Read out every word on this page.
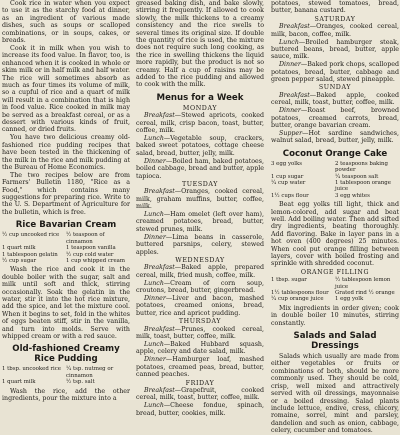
Cook rice in water when you expect to use it as the starchy food at dinner, as an ingredient of various made dishes, such as soups or scalloped combinations, or in soups, cakes, or breads.

Cook it in milk when you wish to increase its food value. In flavor, too, is enhanced when it is cooked in whole or skim milk or in half milk and half water. The rice will sometimes absorb as much as four times its volume of milk, so a cupful of rice and a quart of milk will result in a combination that is high in food value. Rice cooked in milk may be served as a breakfast cereal, or as a dessert with various kinds of fruit, canned, or dried fruits.

You have two delicious creamy old-fashioned rice pudding recipes that have been tested in the thickening of the milk in the rice and milk pudding at the Bureau of Home Economics.

The two recipes below are from Farmers' Bulletin 1180, "Rice as a Food," which contains many suggestions for preparing rice. Write to the U. S. Department of Agriculture for the bulletin, which is free.

Rice Bavarian Cream
½ cup uncooked rice	½ teaspoon of cinnamon
1 quart milk	1 teaspoon vanilla
1 tablespoon gelatin	½ cup cold water
½ cup sugar	1 cup whipped cream

Wash the rice and cook it in the double boiler with the sugar, salt and milk until soft and thick, stirring occasionally. Soak the gelatin in the water, stir it into the hot rice mixture, add the spice, and let the mixture cool. When it begins to set, fold in the whites of eggs beaten stiff, stir in the vanilla, and turn into molds. Serve with whipped cream or with a red sauce.

Old-fashioned Creamy Rice Pudding
1 tbsp. uncooked rice ¼ tsp. nutmeg or cinnamon
1 quart milk	½ tsp. salt

Wash the rice, add the other ingredients, pour the mixture into a

greased baking dish, and bake slowly, stirring it frequently. If allowed to cook slowly, the milk thickens to a creamy consistency and the rice swells to several times its original size. If double the quantity of rice is used, the mixture does not require such long cooking, as the rice in swelling thickens the liquid more rapidly, but the product is not so creamy. Half a cup of raisins may be added to the rice pudding and allowed to cook with the milk.

Menus for a Week
MONDAY

Breakfast—Stewed apricots, cooked cereal, milk, crisp bacon, toast, butter, coffee, milk.

Lunch—Vegetable soup, crackers, baked sweet potatoes, cottage cheese salad, bread, butter, jelly, milk.

Dinner—Boiled ham, baked potatoes, boiled cabbage, bread and butter, apple tapioca.

TUESDAY

Breakfast—Oranges, cooked cereal, milk, graham muffins, butter, coffee, milk.

Lunch—Ham omelet (left over ham), creamed potatoes, bread, butter, stewed prunes, milk.

Dinner—Lima beans in casserole, buttered parsnips, celery, stewed apples.

WEDNESDAY

Breakfast—Baked apple, prepared cereal, milk, fried mush, coffee, milk.

Lunch—Cream of corn soup, croutons, bread, butter, gingerbread.

Dinner—Liver and bacon, mashed potatoes, creamed onions, bread, butter, rice and apricot pudding.

THURSDAY

Breakfast—Prunes, cooked cereal, milk, toast, butter, coffee, milk.

Lunch—Baked Hubbard squash, apple, celery and date salad, milk.

Dinner—Hamburger loaf, mashed potatoes, creamed peas, bread, butter, canned peaches.

FRIDAY

Breakfast—Grapefruit, cooked cereal, milk, toast, butter, coffee, milk.

Lunch—Cheese fondue, spinach, bread, butter, cookies, milk.

potatoes, stewed tomatoes, bread, butter, banana custard.

SATURDAY

Breakfast—Oranges, cooked cereal, milk, bacon, coffee, milk.

Lunch—Broiled hamburger steak, buttered beans, bread, butter, apple sauce, milk.

Dinner—Baked pork chops, scalloped potatoes, bread, butter, cabbage and green pepper salad, stewed pineapple.

SUNDAY

Breakfast—Baked apple, cooked cereal, milk, toast, butter, coffee, milk.

Dinner—Roast beef, browned potatoes, creamed carrots, bread, butter, orange bavarian cream.

Supper—Hot sardine sandwiches, walnut salad, bread, butter, jelly, milk.

Coconut Orange Cake
3 egg yolks	2 teaspoons baking powder
1 cup sugar	¼ teaspoon salt
¼ cup water	1 tablespoon orange juice
1½ cups flour	3 egg whites

Beat egg yolks till light, thick and lemon-colored, add sugar and beat well. Add boiling water. Then add sifted dry ingredients, beating thoroughly. Add flavoring. Bake in layer pans in a hot oven (400 degrees) 25 minutes. When cool put orange filling between layers, cover with boiled frosting and sprinkle with shredded coconut.

ORANGE FILLING
1 tbsp. sugar	½ tablespoon lemon juice
1½ tablespoons flour	Grated rind ½ orange
¼ cup orange juice	1 egg yolk

Mix ingredients in order given; cook in double boiler 10 minutes, stirring constantly.

Salads and Salad Dressings

Salads which usually are made from either vegetables or fruits or combinations of both, should be more commonly used. They should be cold, crisp, well mixed and attractively served with oil dressings, mayonnaise or a boiled dressing. Salad plants include lettuce, endive, cress, chicory, romaine, sorrel, mint and parsley, dandelion and such as onion, cabbage, celery, cucumber and tomatoes.
